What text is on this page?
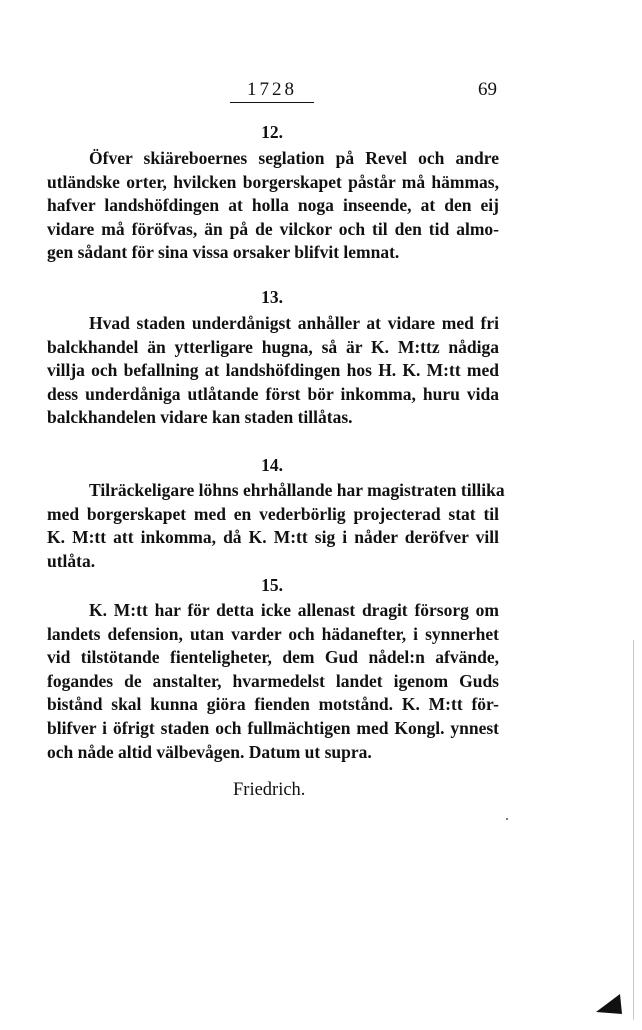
1728	69
12.
Öfver skiäreboernes seglation på Revel och andre
utländske orter, hvilcken borgerskapet påstår må hämmas,
hafver landshöfdingen at holla noga inseende, at den eij
vidare må föröfvas, än på de vilckor och til den tid almo-
gen sådant för sina vissa orsaker blifvit lemnat.
13.
Hvad staden underdånigst anhåller at vidare med fri
balckhandel än ytterligare hugna, så är K. M:ttz nådiga
villja och befallning at landshöfdingen hos H. K. M:tt med
dess underdåniga utlåtande först bör inkomma, huru vida
balckhandelen vidare kan staden tillåtas.
14.
Tilräckeligare löhns ehrhållande har magistraten tillika
med borgerskapet med en vederbörlig projecterad stat til
K. M:tt att inkomma, då K. M:tt sig i nåder deröfver vill
utlåta.
15.
K. M:tt har för detta icke allenast dragit försorg om
landets defension, utan varder och hädanefter, i synnerhet
vid tilstötande fienteligheter, dem Gud nådel:n afvände,
fogandes de anstalter, hvarmedelst landet igenom Guds
bistånd skal kunna giöra fienden motstånd. K. M:tt för-
blifver i öfrigt staden och fullmächtigen med Kongl. ynnest
och nåde altid välbevågen. Datum ut supra.
Friedrich.
